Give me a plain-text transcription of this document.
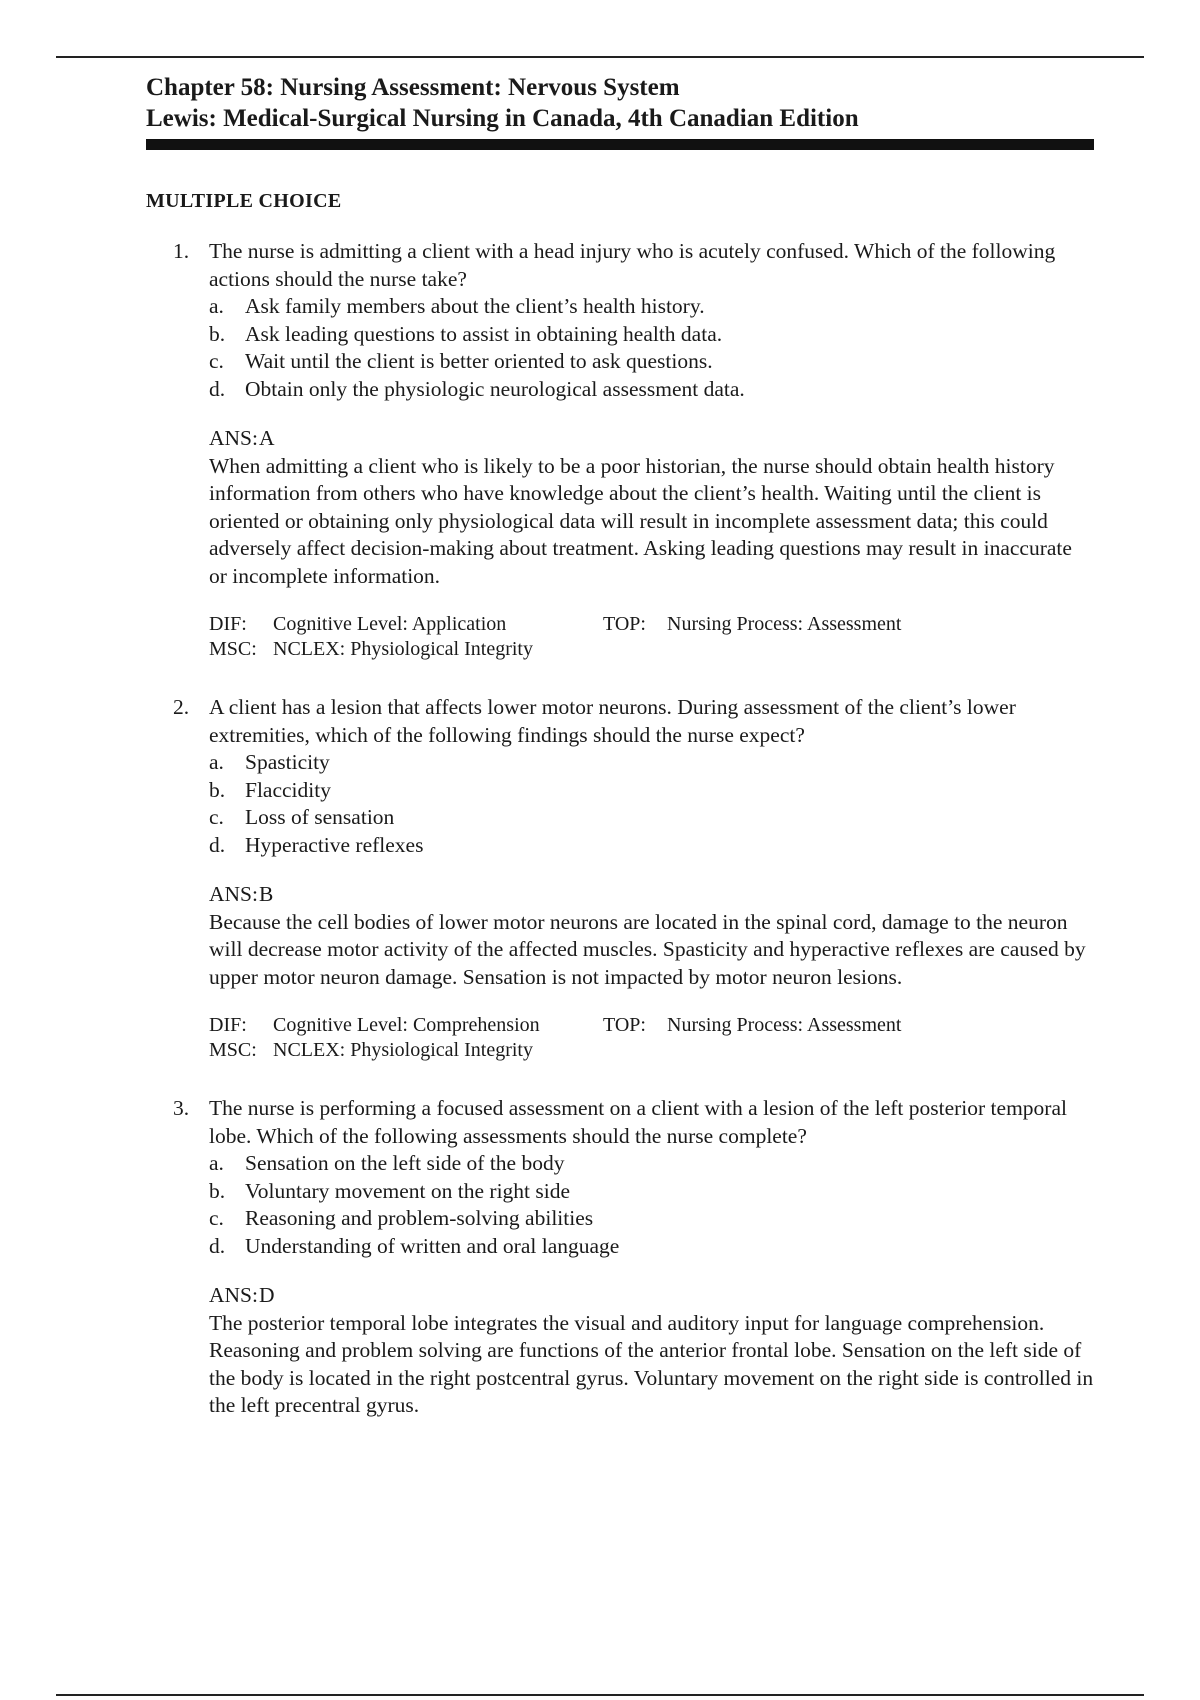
Chapter 58: Nursing Assessment: Nervous System
Lewis: Medical-Surgical Nursing in Canada, 4th Canadian Edition
MULTIPLE CHOICE
1. The nurse is admitting a client with a head injury who is acutely confused. Which of the following actions should the nurse take?

a. Ask family members about the client’s health history.
b. Ask leading questions to assist in obtaining health data.
c. Wait until the client is better oriented to ask questions.
d. Obtain only the physiologic neurological assessment data.
ANS:A

When admitting a client who is likely to be a poor historian, the nurse should obtain health history information from others who have knowledge about the client’s health. Waiting until the client is oriented or obtaining only physiological data will result in incomplete assessment data; this could adversely affect decision-making about treatment. Asking leading questions may result in inaccurate or incomplete information.

DIF:	Cognitive Level: Application	TOP:	Nursing Process: Assessment
MSC: NCLEX: Physiological Integrity
2. A client has a lesion that affects lower motor neurons. During assessment of the client’s lower extremities, which of the following findings should the nurse expect?

a. Spasticity
b. Flaccidity
c. Loss of sensation
d. Hyperactive reflexes
ANS:B

Because the cell bodies of lower motor neurons are located in the spinal cord, damage to the neuron will decrease motor activity of the affected muscles. Spasticity and hyperactive reflexes are caused by upper motor neuron damage. Sensation is not impacted by motor neuron lesions.

DIF:	Cognitive Level: Comprehension	TOP:	Nursing Process: Assessment
MSC: NCLEX: Physiological Integrity
3. The nurse is performing a focused assessment on a client with a lesion of the left posterior temporal lobe. Which of the following assessments should the nurse complete?

a. Sensation on the left side of the body
b. Voluntary movement on the right side
c. Reasoning and problem-solving abilities
d. Understanding of written and oral language
ANS:D

The posterior temporal lobe integrates the visual and auditory input for language comprehension. Reasoning and problem solving are functions of the anterior frontal lobe. Sensation on the left side of the body is located in the right postcentral gyrus. Voluntary movement on the right side is controlled in the left precentral gyrus.
